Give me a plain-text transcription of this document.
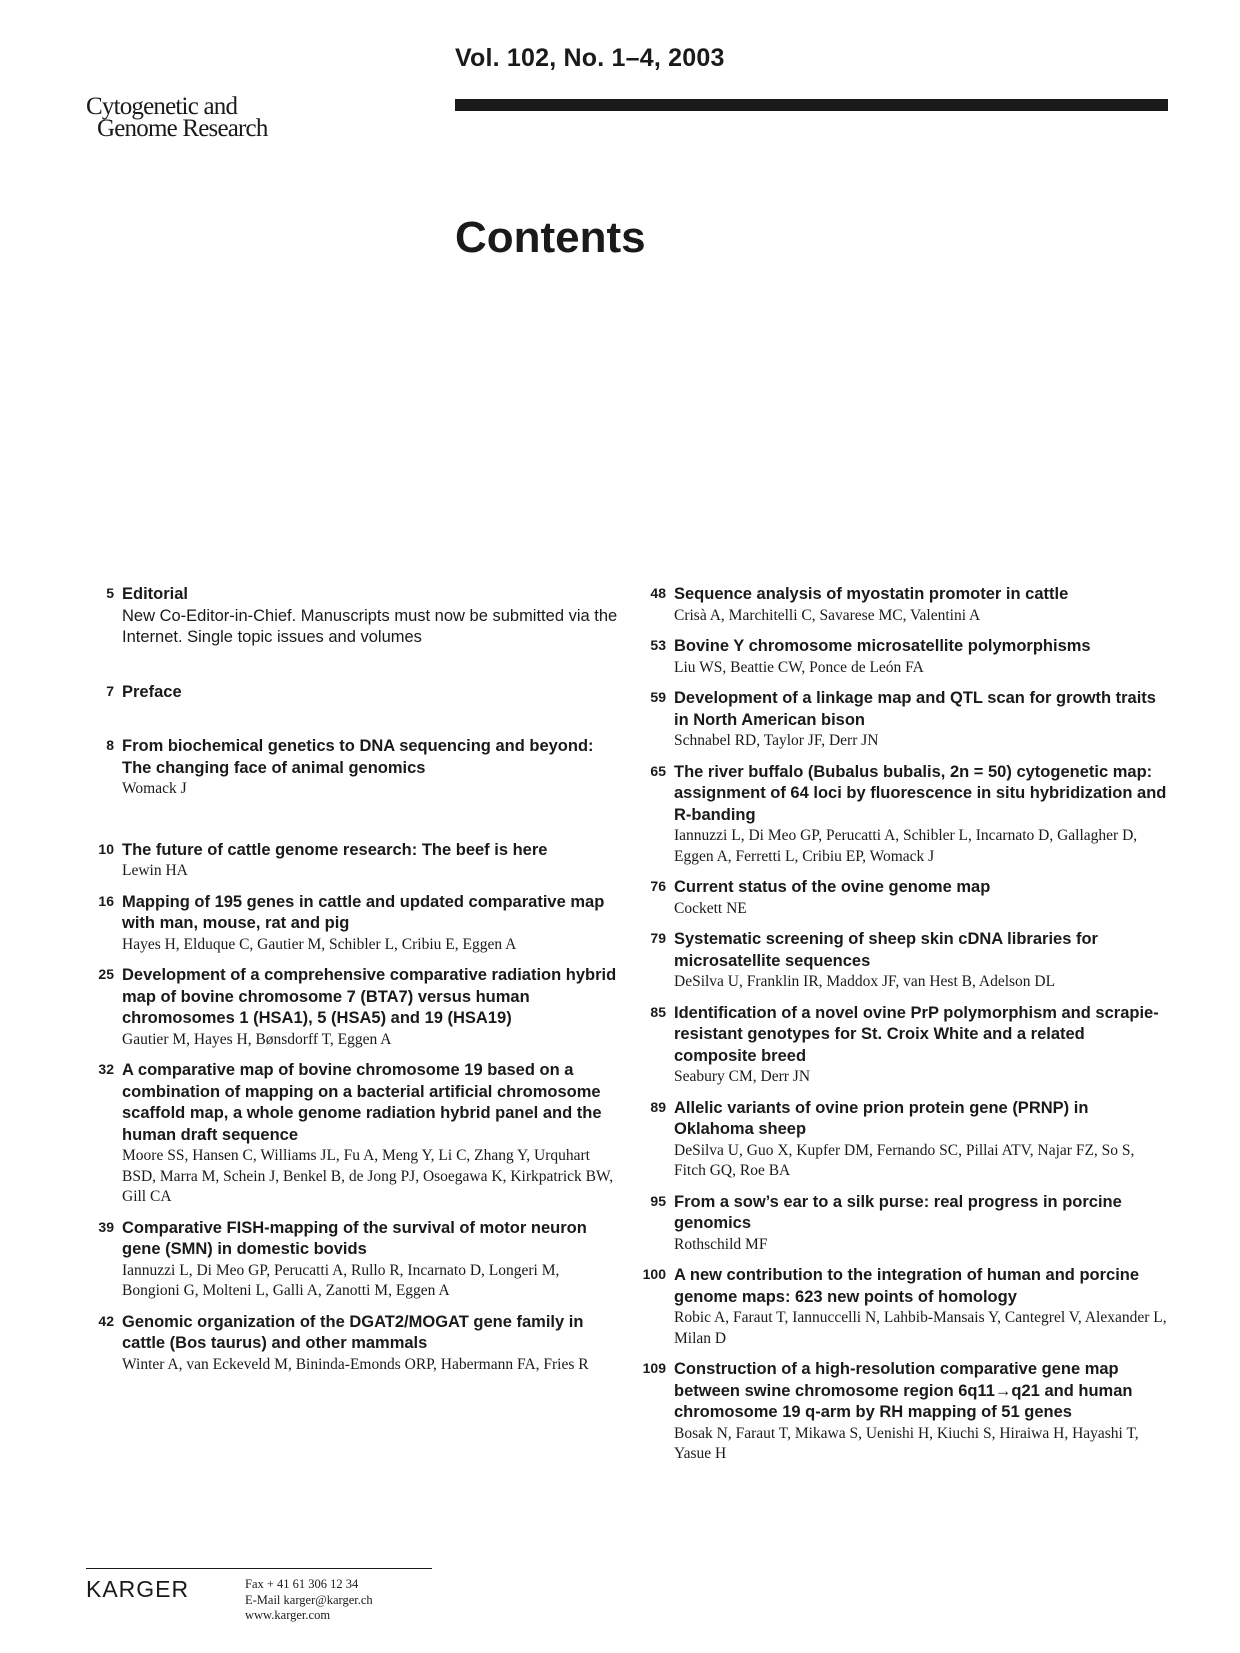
Vol. 102, No. 1–4, 2003
Cytogenetic and
Genome Research
Contents
5 Editorial
New Co-Editor-in-Chief. Manuscripts must now be submitted via the Internet. Single topic issues and volumes
7 Preface
8 From biochemical genetics to DNA sequencing and beyond: The changing face of animal genomics
Womack J
10 The future of cattle genome research: The beef is here
Lewin HA
16 Mapping of 195 genes in cattle and updated comparative map with man, mouse, rat and pig
Hayes H, Elduque C, Gautier M, Schibler L, Cribiu E, Eggen A
25 Development of a comprehensive comparative radiation hybrid map of bovine chromosome 7 (BTA7) versus human chromosomes 1 (HSA1), 5 (HSA5) and 19 (HSA19)
Gautier M, Hayes H, Bønsdorff T, Eggen A
32 A comparative map of bovine chromosome 19 based on a combination of mapping on a bacterial artificial chromosome scaffold map, a whole genome radiation hybrid panel and the human draft sequence
Moore SS, Hansen C, Williams JL, Fu A, Meng Y, Li C, Zhang Y, Urquhart BSD, Marra M, Schein J, Benkel B, de Jong PJ, Osoegawa K, Kirkpatrick BW, Gill CA
39 Comparative FISH-mapping of the survival of motor neuron gene (SMN) in domestic bovids
Iannuzzi L, Di Meo GP, Perucatti A, Rullo R, Incarnato D, Longeri M, Bongioni G, Molteni L, Galli A, Zanotti M, Eggen A
42 Genomic organization of the DGAT2/MOGAT gene family in cattle (Bos taurus) and other mammals
Winter A, van Eckeveld M, Bininda-Emonds ORP, Habermann FA, Fries R
48 Sequence analysis of myostatin promoter in cattle
Crisà A, Marchitelli C, Savarese MC, Valentini A
53 Bovine Y chromosome microsatellite polymorphisms
Liu WS, Beattie CW, Ponce de León FA
59 Development of a linkage map and QTL scan for growth traits in North American bison
Schnabel RD, Taylor JF, Derr JN
65 The river buffalo (Bubalus bubalis, 2n = 50) cytogenetic map: assignment of 64 loci by fluorescence in situ hybridization and R-banding
Iannuzzi L, Di Meo GP, Perucatti A, Schibler L, Incarnato D, Gallagher D, Eggen A, Ferretti L, Cribiu EP, Womack J
76 Current status of the ovine genome map
Cockett NE
79 Systematic screening of sheep skin cDNA libraries for microsatellite sequences
DeSilva U, Franklin IR, Maddox JF, van Hest B, Adelson DL
85 Identification of a novel ovine PrP polymorphism and scrapie-resistant genotypes for St. Croix White and a related composite breed
Seabury CM, Derr JN
89 Allelic variants of ovine prion protein gene (PRNP) in Oklahoma sheep
DeSilva U, Guo X, Kupfer DM, Fernando SC, Pillai ATV, Najar FZ, So S, Fitch GQ, Roe BA
95 From a sow’s ear to a silk purse: real progress in porcine genomics
Rothschild MF
100 A new contribution to the integration of human and porcine genome maps: 623 new points of homology
Robic A, Faraut T, Iannuccelli N, Lahbib-Mansais Y, Cantegrel V, Alexander L, Milan D
109 Construction of a high-resolution comparative gene map between swine chromosome region 6q11→q21 and human chromosome 19 q-arm by RH mapping of 51 genes
Bosak N, Faraut T, Mikawa S, Uenishi H, Kiuchi S, Hiraiwa H, Hayashi T, Yasue H
KARGER	Fax + 41 61 306 12 34
E-Mail karger@karger.ch
www.karger.com
